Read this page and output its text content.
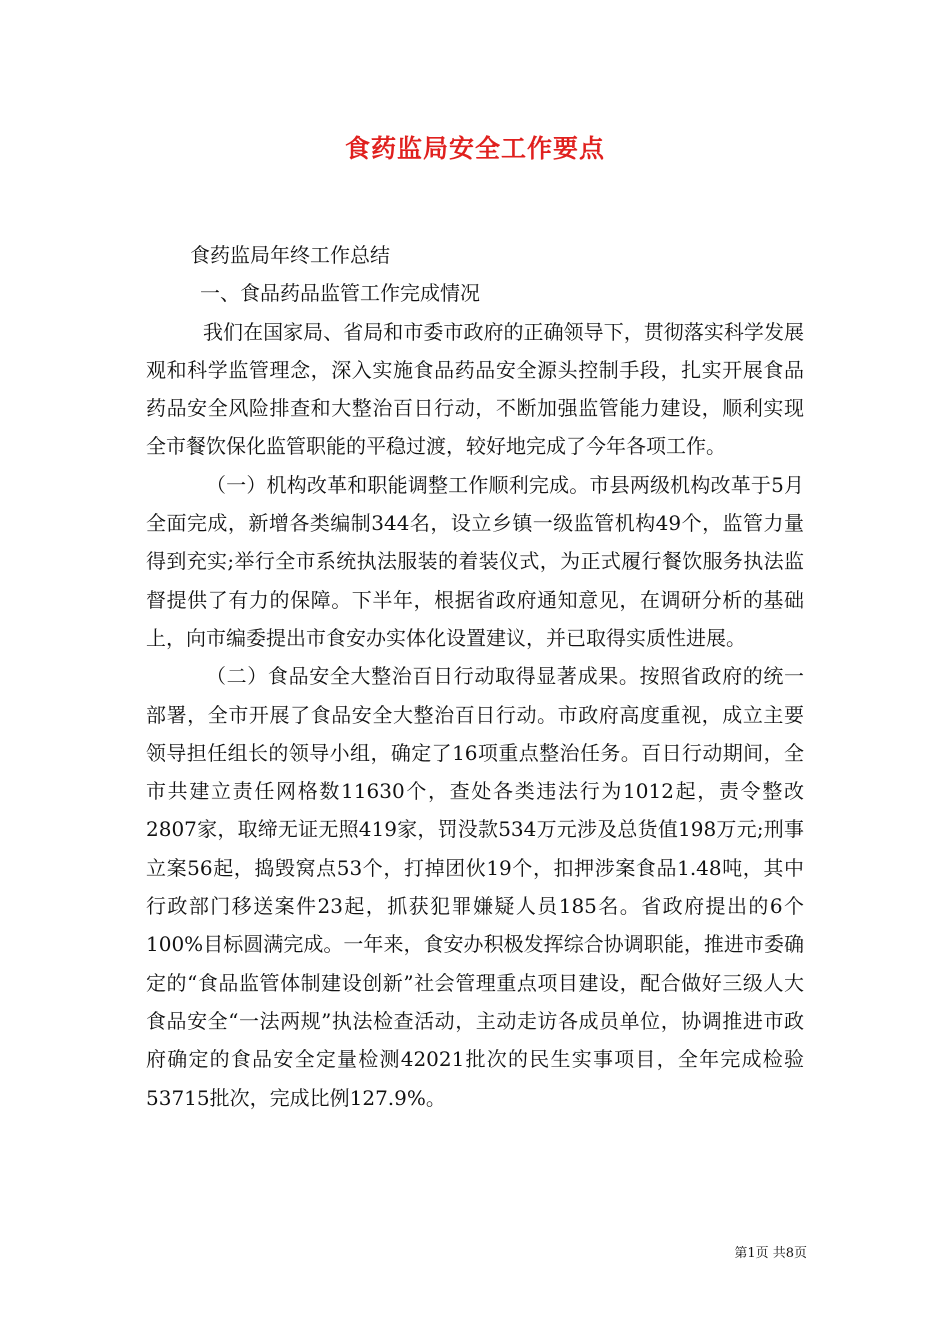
食药监局安全工作要点

食药监局年终工作总结

一、食品药品监管工作完成情况

我们在国家局、省局和市委市政府的正确领导下，贯彻落实科学发展观和科学监管理念，深入实施食品药品安全源头控制手段，扎实开展食品药品安全风险排查和大整治百日行动，不断加强监管能力建设，顺利实现全市餐饮保化监管职能的平稳过渡，较好地完成了今年各项工作。

（一）机构改革和职能调整工作顺利完成。市县两级机构改革于5月全面完成，新增各类编制344名，设立乡镇一级监管机构49个，监管力量得到充实;举行全市系统执法服装的着装仪式，为正式履行餐饮服务执法监督提供了有力的保障。下半年，根据省政府通知意见，在调研分析的基础上，向市编委提出市食安办实体化设置建议，并已取得实质性进展。

（二）食品安全大整治百日行动取得显著成果。按照省政府的统一部署，全市开展了食品安全大整治百日行动。市政府高度重视，成立主要领导担任组长的领导小组，确定了16项重点整治任务。百日行动期间，全市共建立责任网格数11630个，查处各类违法行为1012起，责令整改2807家，取缔无证无照419家，罚没款534万元涉及总货值198万元;刑事立案56起，捣毁窝点53个，打掉团伙19个，扣押涉案食品1.48吨，其中行政部门移送案件23起，抓获犯罪嫌疑人员185名。省政府提出的6个100%目标圆满完成。一年来，食安办积极发挥综合协调职能，推进市委确定的“食品监管体制建设创新”社会管理重点项目建设，配合做好三级人大食品安全“一法两规”执法检查活动，主动走访各成员单位，协调推进市政府确定的食品安全定量检测42021批次的民生实事项目，全年完成检验53715批次，完成比例127.9%。

第1页 共8页
